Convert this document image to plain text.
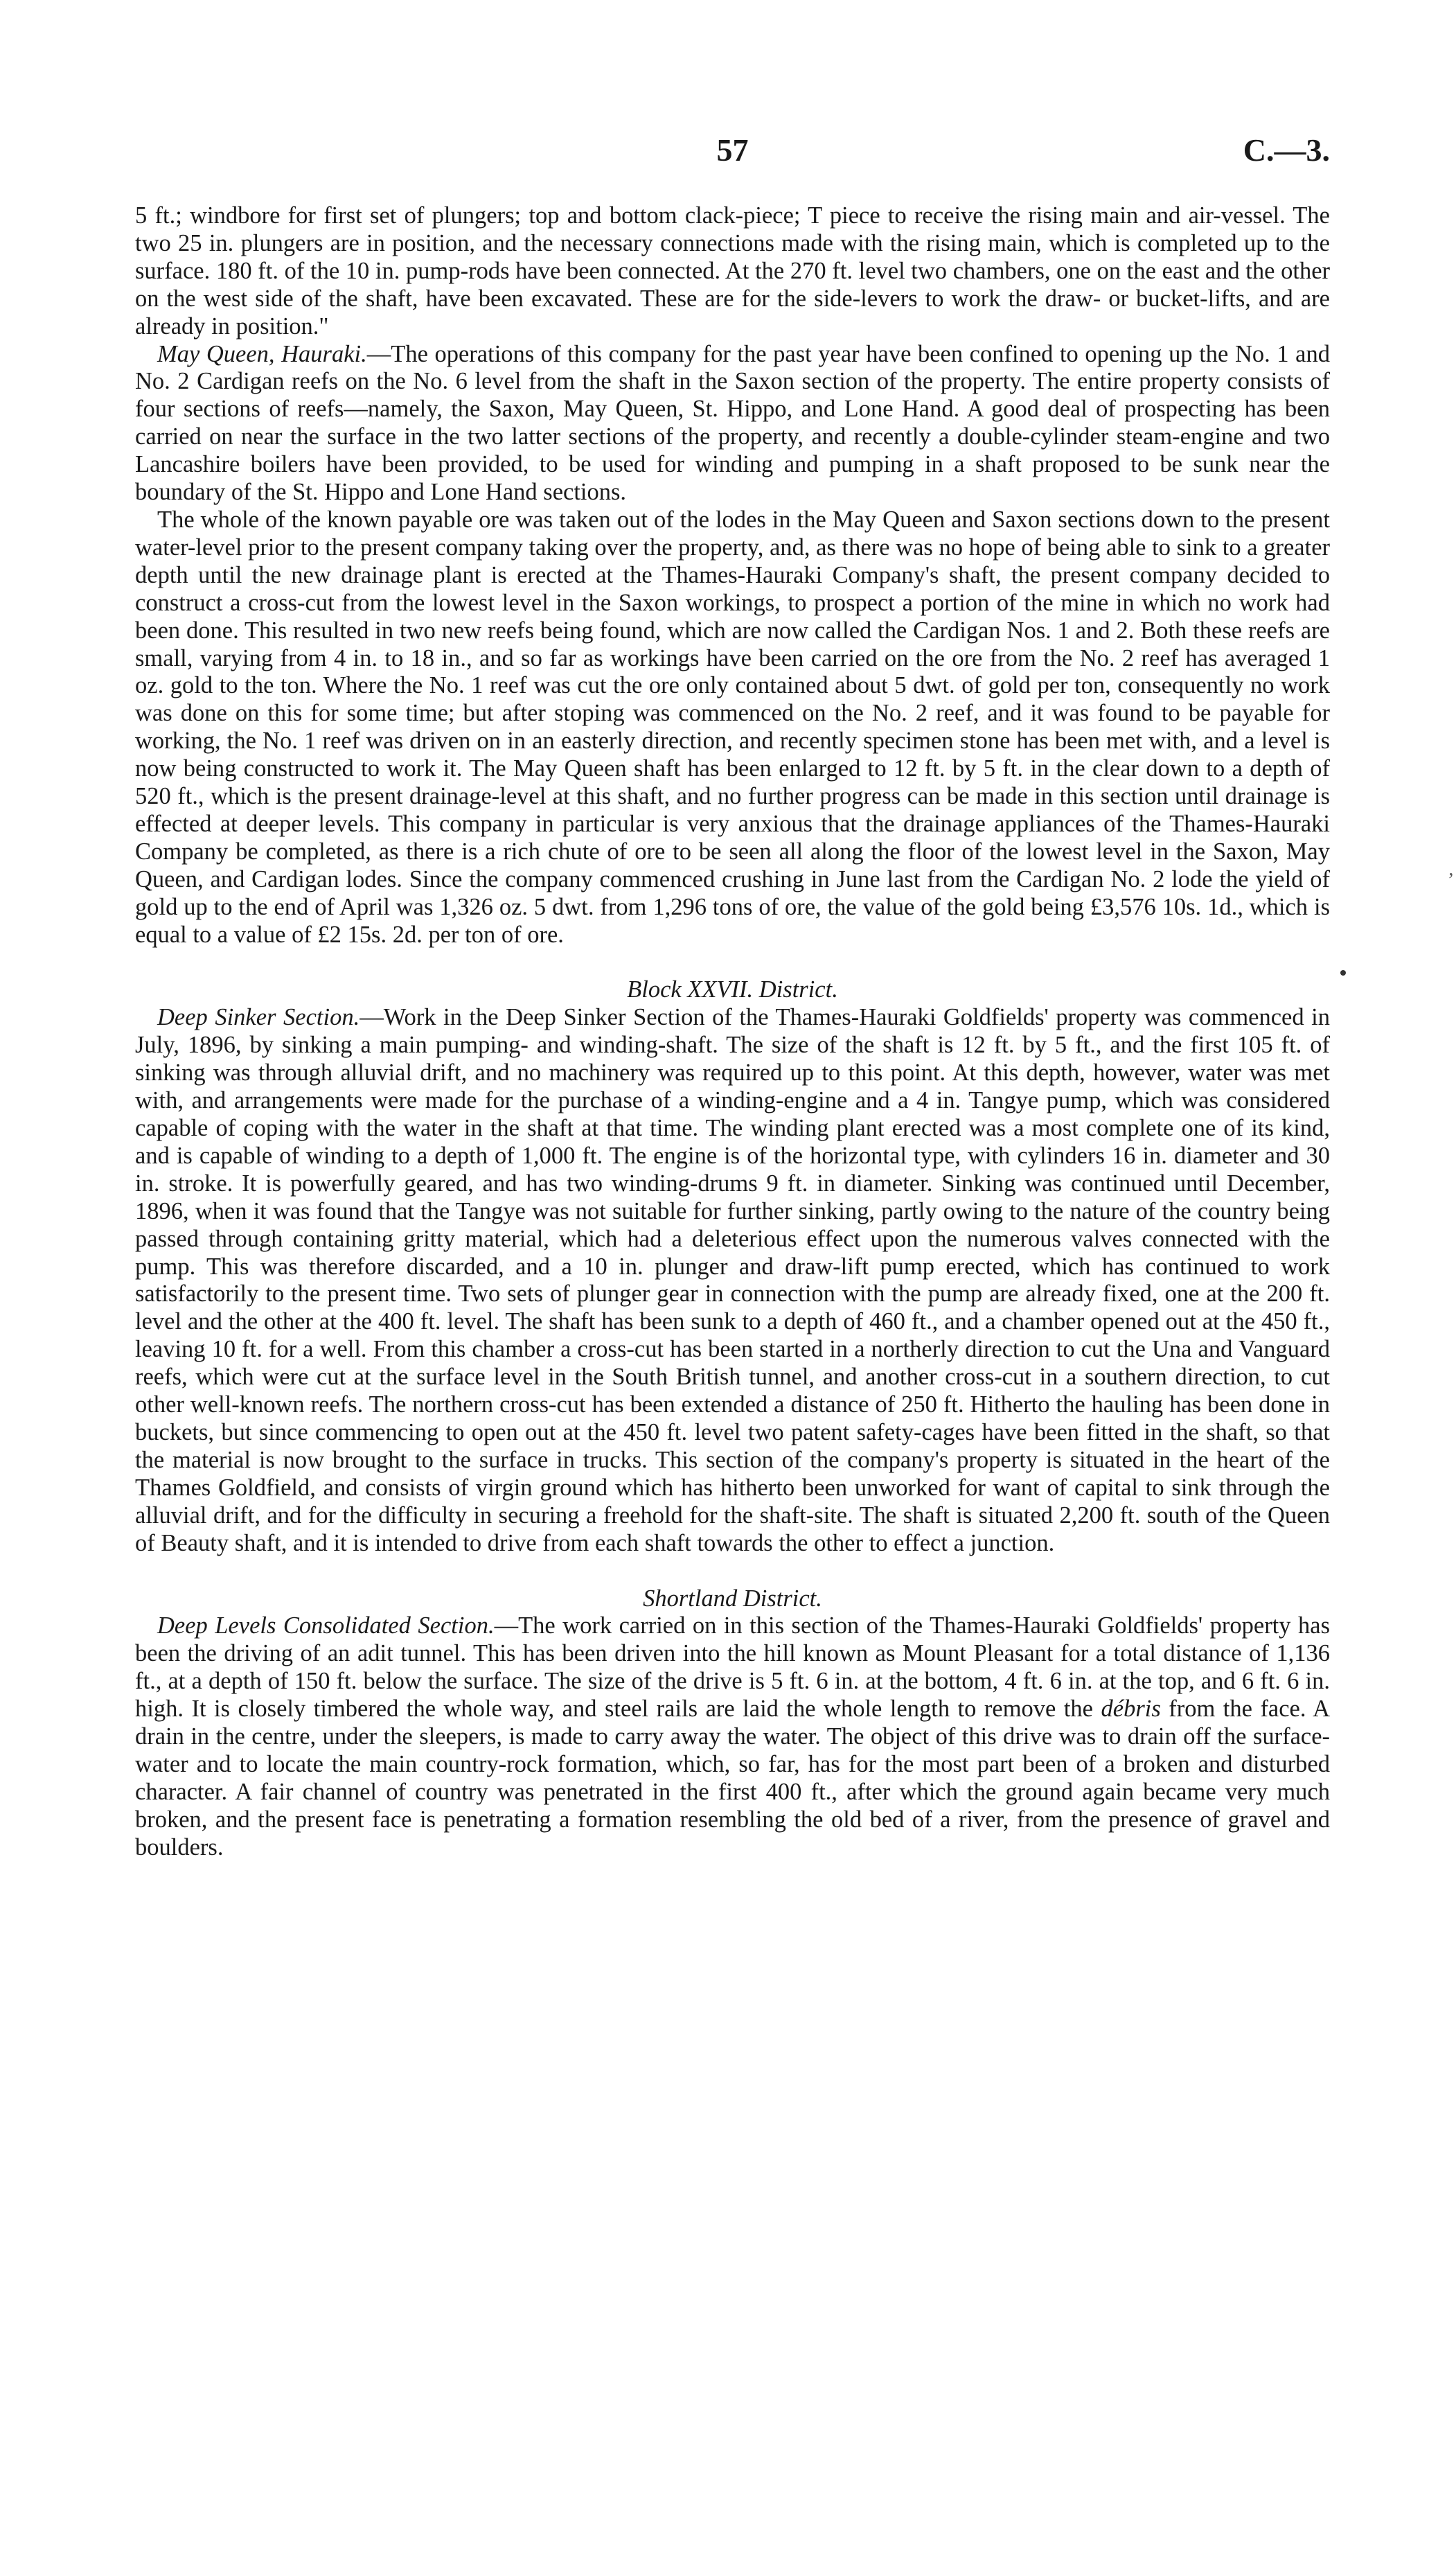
57	C.—3.

5 ft.; windbore for first set of plungers; top and bottom clack-piece; T piece to receive the rising main and air-vessel. The two 25 in. plungers are in position, and the necessary connections made with the rising main, which is completed up to the surface. 180 ft. of the 10 in. pump-rods have been connected. At the 270 ft. level two chambers, one on the east and the other on the west side of the shaft, have been excavated. These are for the side-levers to work the draw- or bucket-lifts, and are already in position."

May Queen, Hauraki.—The operations of this company for the past year have been confined to opening up the No. 1 and No. 2 Cardigan reefs on the No. 6 level from the shaft in the Saxon section of the property. The entire property consists of four sections of reefs—namely, the Saxon, May Queen, St. Hippo, and Lone Hand. A good deal of prospecting has been carried on near the surface in the two latter sections of the property, and recently a double-cylinder steam-engine and two Lancashire boilers have been provided, to be used for winding and pumping in a shaft proposed to be sunk near the boundary of the St. Hippo and Lone Hand sections.

The whole of the known payable ore was taken out of the lodes in the May Queen and Saxon sections down to the present water-level prior to the present company taking over the property, and, as there was no hope of being able to sink to a greater depth until the new drainage plant is erected at the Thames-Hauraki Company's shaft, the present company decided to construct a cross-cut from the lowest level in the Saxon workings, to prospect a portion of the mine in which no work had been done. This resulted in two new reefs being found, which are now called the Cardigan Nos. 1 and 2. Both these reefs are small, varying from 4 in. to 18 in., and so far as workings have been carried on the ore from the No. 2 reef has averaged 1 oz. gold to the ton. Where the No. 1 reef was cut the ore only contained about 5 dwt. of gold per ton, consequently no work was done on this for some time; but after stoping was commenced on the No. 2 reef, and it was found to be payable for working, the No. 1 reef was driven on in an easterly direction, and recently specimen stone has been met with, and a level is now being constructed to work it. The May Queen shaft has been enlarged to 12 ft. by 5 ft. in the clear down to a depth of 520 ft., which is the present drainage-level at this shaft, and no further progress can be made in this section until drainage is effected at deeper levels. This company in particular is very anxious that the drainage appliances of the Thames-Hauraki Company be completed, as there is a rich chute of ore to be seen all along the floor of the lowest level in the Saxon, May Queen, and Cardigan lodes. Since the company commenced crushing in June last from the Cardigan No. 2 lode the yield of gold up to the end of April was 1,326 oz. 5 dwt. from 1,296 tons of ore, the value of the gold being £3,576 10s. 1d., which is equal to a value of £2 15s. 2d. per ton of ore.

Block XXVII. District.

Deep Sinker Section.—Work in the Deep Sinker Section of the Thames-Hauraki Goldfields' property was commenced in July, 1896, by sinking a main pumping- and winding-shaft. The size of the shaft is 12 ft. by 5 ft., and the first 105 ft. of sinking was through alluvial drift, and no machinery was required up to this point. At this depth, however, water was met with, and arrangements were made for the purchase of a winding-engine and a 4 in. Tangye pump, which was considered capable of coping with the water in the shaft at that time. The winding plant erected was a most complete one of its kind, and is capable of winding to a depth of 1,000 ft. The engine is of the horizontal type, with cylinders 16 in. diameter and 30 in. stroke. It is powerfully geared, and has two winding-drums 9 ft. in diameter. Sinking was continued until December, 1896, when it was found that the Tangye was not suitable for further sinking, partly owing to the nature of the country being passed through containing gritty material, which had a deleterious effect upon the numerous valves connected with the pump. This was therefore discarded, and a 10 in. plunger and draw-lift pump erected, which has continued to work satisfactorily to the present time. Two sets of plunger gear in connection with the pump are already fixed, one at the 200 ft. level and the other at the 400 ft. level. The shaft has been sunk to a depth of 460 ft., and a chamber opened out at the 450 ft., leaving 10 ft. for a well. From this chamber a cross-cut has been started in a northerly direction to cut the Una and Vanguard reefs, which were cut at the surface level in the South British tunnel, and another cross-cut in a southern direction, to cut other well-known reefs. The northern cross-cut has been extended a distance of 250 ft. Hitherto the hauling has been done in buckets, but since commencing to open out at the 450 ft. level two patent safety-cages have been fitted in the shaft, so that the material is now brought to the surface in trucks. This section of the company's property is situated in the heart of the Thames Goldfield, and consists of virgin ground which has hitherto been unworked for want of capital to sink through the alluvial drift, and for the difficulty in securing a freehold for the shaft-site. The shaft is situated 2,200 ft. south of the Queen of Beauty shaft, and it is intended to drive from each shaft towards the other to effect a junction.

Shortland District.

Deep Levels Consolidated Section.—The work carried on in this section of the Thames-Hauraki Goldfields' property has been the driving of an adit tunnel. This has been driven into the hill known as Mount Pleasant for a total distance of 1,136 ft., at a depth of 150 ft. below the surface. The size of the drive is 5 ft. 6 in. at the bottom, 4 ft. 6 in. at the top, and 6 ft. 6 in. high. It is closely timbered the whole way, and steel rails are laid the whole length to remove the débris from the face. A drain in the centre, under the sleepers, is made to carry away the water. The object of this drive was to drain off the surface-water and to locate the main country-rock formation, which, so far, has for the most part been of a broken and disturbed character. A fair channel of country was penetrated in the first 400 ft., after which the ground again became very much broken, and the present face is penetrating a formation resembling the old bed of a river, from the presence of gravel and boulders.

’
